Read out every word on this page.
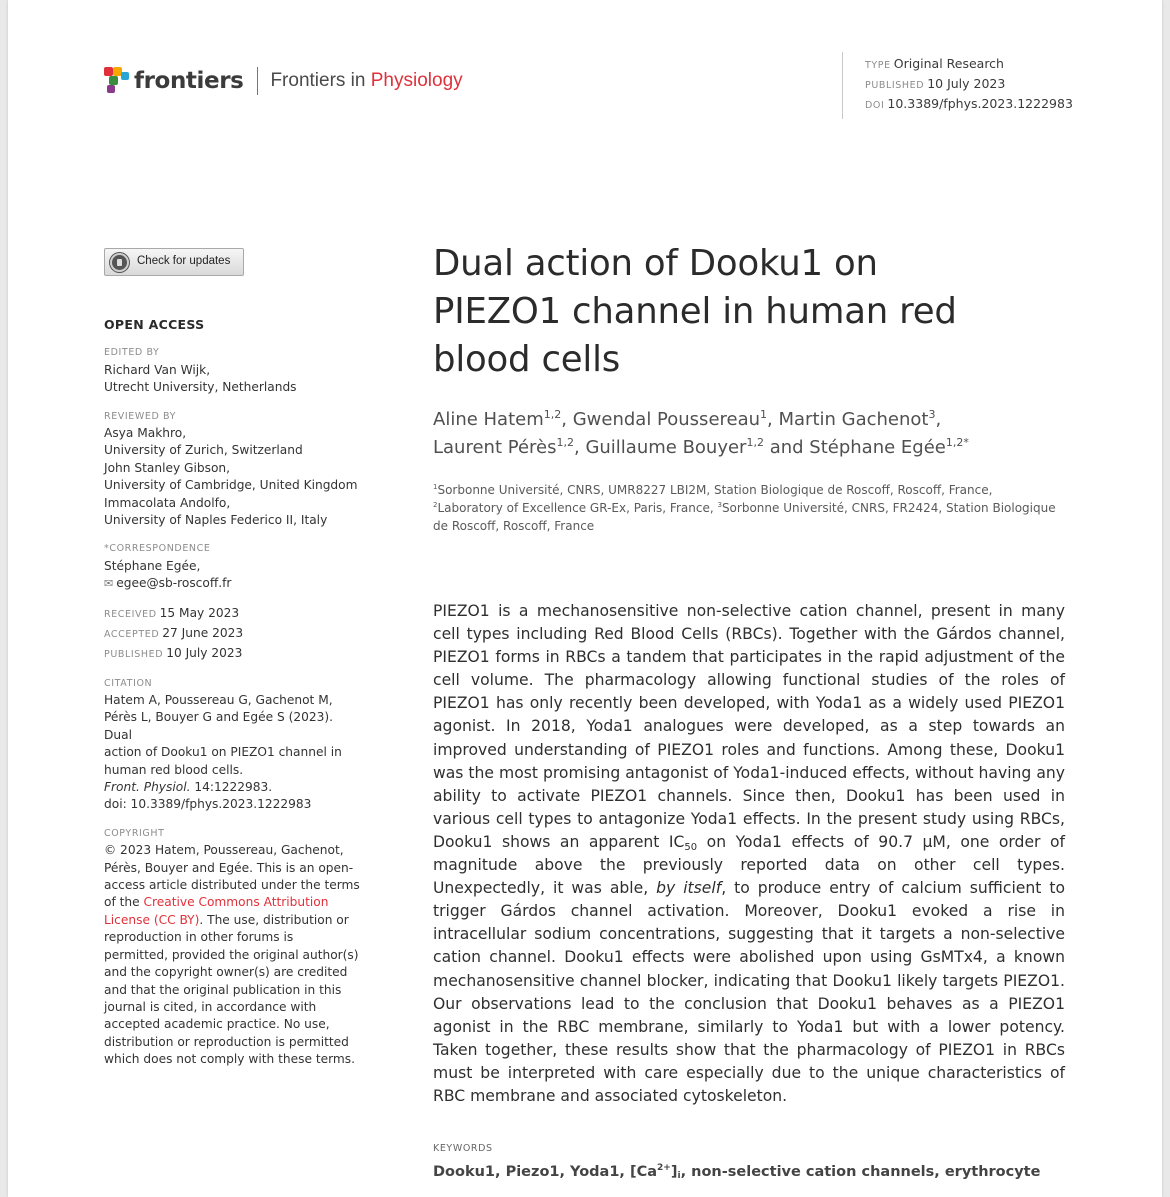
frontiers Frontiers in Physiology
TYPE Original Research
PUBLISHED 10 July 2023
DOI 10.3389/fphys.2023.1222983
Check for updates
OPEN ACCESS
EDITED BY
Richard Van Wijk,
Utrecht University, Netherlands
REVIEWED BY
Asya Makhro,
University of Zurich, Switzerland
John Stanley Gibson,
University of Cambridge, United Kingdom
Immacolata Andolfo,
University of Naples Federico II, Italy
*CORRESPONDENCE
Stéphane Egée,
✉ egee@sb-roscoff.fr
RECEIVED 15 May 2023
ACCEPTED 27 June 2023
PUBLISHED 10 July 2023
CITATION
Hatem A, Poussereau G, Gachenot M,
Pérès L, Bouyer G and Egée S (2023). Dual
action of Dooku1 on PIEZO1 channel in
human red blood cells.
Front. Physiol. 14:1222983.
doi: 10.3389/fphys.2023.1222983
COPYRIGHT
© 2023 Hatem, Poussereau, Gachenot,
Pérès, Bouyer and Egée. This is an open-
access article distributed under the terms
of the Creative Commons Attribution
License (CC BY). The use, distribution or
reproduction in other forums is
permitted, provided the original author(s)
and the copyright owner(s) are credited
and that the original publication in this
journal is cited, in accordance with
accepted academic practice. No use,
distribution or reproduction is permitted
which does not comply with these terms.
Dual action of Dooku1 on
PIEZO1 channel in human red
blood cells
Aline Hatem$^{1,2}$, Gwendal Poussereau$^1$, Martin Gachenot$^3$,
Laurent Pérès$^{1,2}$, Guillaume Bouyer$^{1,2}$ and Stéphane Egée$^{1,2*}$
$^1$Sorbonne Université, CNRS, UMR8227 LBI2M, Station Biologique de Roscoff, Roscoff, France,
$^2$Laboratory of Excellence GR-Ex, Paris, France, $^3$Sorbonne Université, CNRS, FR2424, Station Biologique
de Roscoff, Roscoff, France

PIEZO1 is a mechanosensitive non-selective cation channel, present in many cell types including Red Blood Cells (RBCs). Together with the Gárdos channel, PIEZO1 forms in RBCs a tandem that participates in the rapid adjustment of the cell volume. The pharmacology allowing functional studies of the roles of PIEZO1 has only recently been developed, with Yoda1 as a widely used PIEZO1 agonist. In 2018, Yoda1 analogues were developed, as a step towards an improved understanding of PIEZO1 roles and functions. Among these, Dooku1 was the most promising antagonist of Yoda1-induced effects, without having any ability to activate PIEZO1 channels. Since then, Dooku1 has been used in various cell types to antagonize Yoda1 effects. In the present study using RBCs, Dooku1 shows an apparent $IC_{50}$ on Yoda1 effects of 90.7 µM, one order of magnitude above the previously reported data on other cell types. Unexpectedly, it was able, by itself, to produce entry of calcium sufficient to trigger Gárdos channel activation. Moreover, Dooku1 evoked a rise in intracellular sodium concentrations, suggesting that it targets a non-selective cation channel. Dooku1 effects were abolished upon using GsMTx4, a known mechanosensitive channel blocker, indicating that Dooku1 likely targets PIEZO1. Our observations lead to the conclusion that Dooku1 behaves as a PIEZO1 agonist in the RBC membrane, similarly to Yoda1 but with a lower potency. Taken together, these results show that the pharmacology of PIEZO1 in RBCs must be interpreted with care especially due to the unique characteristics of RBC membrane and associated cytoskeleton.

KEYWORDS
Dooku1, Piezo1, Yoda1, $[Ca^{2+}]_i$, non-selective cation channels, erythrocyte
